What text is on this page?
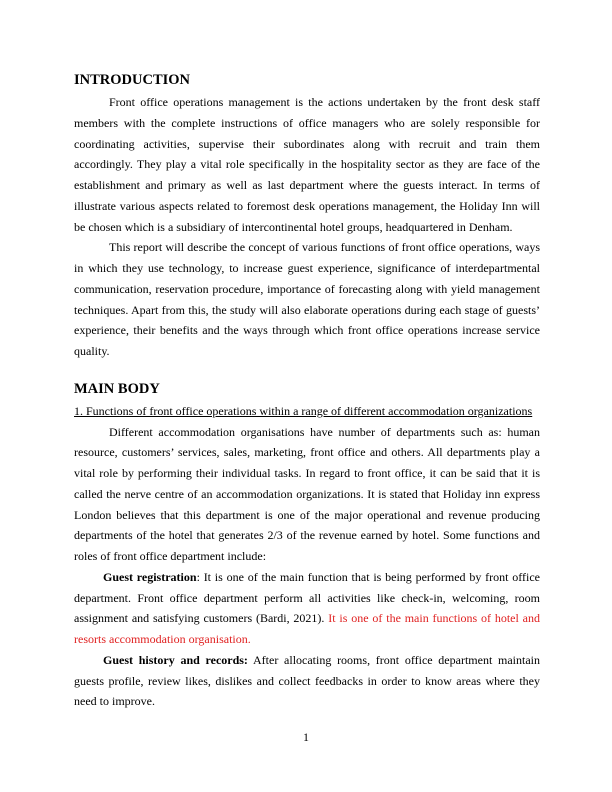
INTRODUCTION

Front office operations management is the actions undertaken by the front desk staff members with the complete instructions of office managers who are solely responsible for coordinating activities, supervise their subordinates along with recruit and train them accordingly. They play a vital role specifically in the hospitality sector as they are face of the establishment and primary as well as last department where the guests interact. In terms of illustrate various aspects related to foremost desk operations management, the Holiday Inn will be chosen which is a subsidiary of intercontinental hotel groups, headquartered in Denham.

This report will describe the concept of various functions of front office operations, ways in which they use technology, to increase guest experience, significance of interdepartmental communication, reservation procedure, importance of forecasting along with yield management techniques. Apart from this, the study will also elaborate operations during each stage of guests’ experience, their benefits and the ways through which front office operations increase service quality.

MAIN BODY
1. Functions of front office operations within a range of different accommodation organizations

Different accommodation organisations have number of departments such as: human resource, customers’ services, sales, marketing, front office and others. All departments play a vital role by performing their individual tasks. In regard to front office, it can be said that it is called the nerve centre of an accommodation organizations. It is stated that Holiday inn express London believes that this department is one of the major operational and revenue producing departments of the hotel that generates 2/3 of the revenue earned by hotel. Some functions and roles of front office department include:

Guest registration: It is one of the main function that is being performed by front office department. Front office department perform all activities like check-in, welcoming, room assignment and satisfying customers (Bardi, 2021). It is one of the main functions of hotel and resorts accommodation organisation.

Guest history and records: After allocating rooms, front office department maintain guests profile, review likes, dislikes and collect feedbacks in order to know areas where they need to improve.

1
